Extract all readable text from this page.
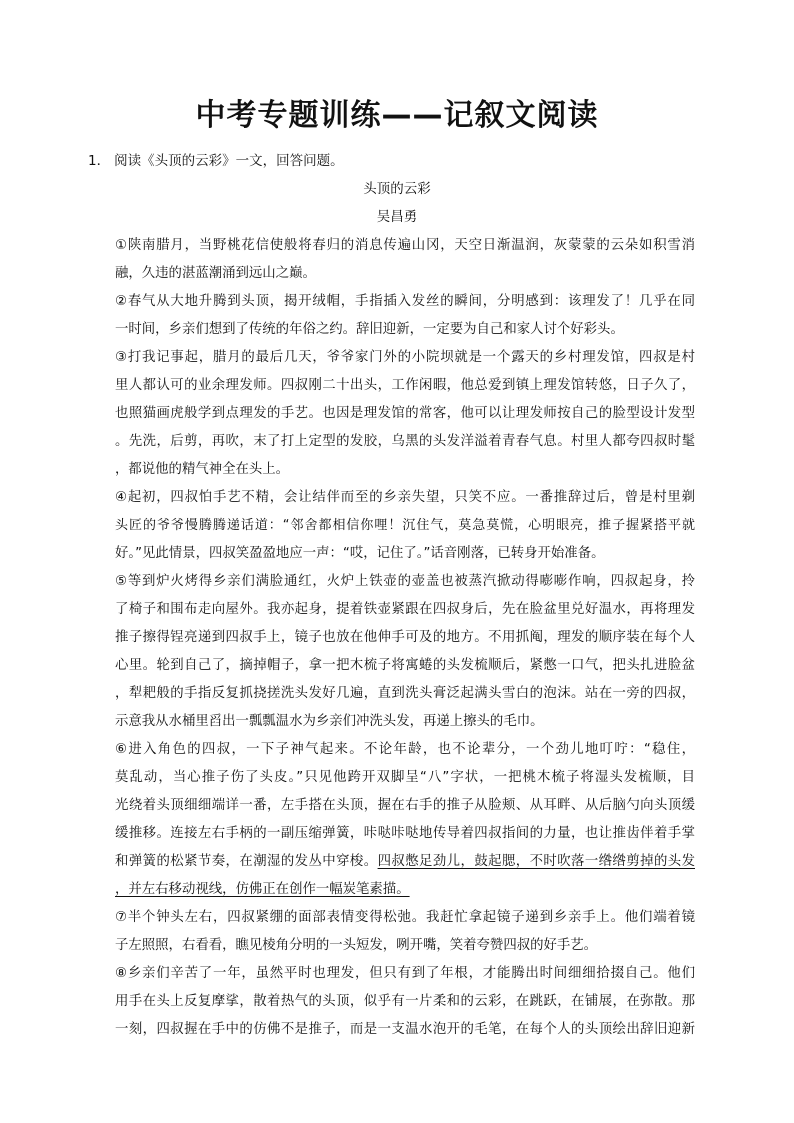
中考专题训练——记叙文阅读
1． 阅读《头顶的云彩》一文，回答问题。
头顶的云彩
吴昌勇
①陕南腊月，当野桃花信使般将春归的消息传遍山冈，天空日渐温润，灰蒙蒙的云朵如积雪消
融，久违的湛蓝潮涌到远山之巅。
②春气从大地升腾到头顶，揭开绒帽，手指插入发丝的瞬间，分明感到：该理发了！几乎在同
一时间，乡亲们想到了传统的年俗之约。辞旧迎新，一定要为自己和家人讨个好彩头。
③打我记事起，腊月的最后几天，爷爷家门外的小院坝就是一个露天的乡村理发馆，四叔是村
里人都认可的业余理发师。四叔刚二十出头，工作闲暇，他总爱到镇上理发馆转悠，日子久了，
也照猫画虎般学到点理发的手艺。也因是理发馆的常客，他可以让理发师按自己的脸型设计发型
。先洗，后剪，再吹，末了打上定型的发胶，乌黑的头发洋溢着青春气息。村里人都夸四叔时髦
，都说他的精气神全在头上。
④起初，四叔怕手艺不精，会让结伴而至的乡亲失望，只笑不应。一番推辞过后，曾是村里剃
头匠的爷爷慢腾腾递话道：“邻舍都相信你哩！沉住气，莫急莫慌，心明眼亮，推子握紧搭平就
好。”见此情景，四叔笑盈盈地应一声：“哎，记住了。”话音刚落，已转身开始准备。
⑤等到炉火烤得乡亲们满脸通红，火炉上铁壶的壶盖也被蒸汽掀动得嘭嘭作响，四叔起身，拎
了椅子和围布走向屋外。我亦起身，提着铁壶紧跟在四叔身后，先在脸盆里兑好温水，再将理发
推子擦得锃亮递到四叔手上，镜子也放在他伸手可及的地方。不用抓阄，理发的顺序装在每个人
心里。轮到自己了，摘掉帽子，拿一把木梳子将寓蜷的头发梳顺后，紧憋一口气，把头扎进脸盆
，犁耙般的手指反复抓挠搓洗头发好几遍，直到洗头膏泛起满头雪白的泡沫。站在一旁的四叔，
示意我从水桶里舀出一瓢瓢温水为乡亲们冲洗头发，再递上擦头的毛巾。
⑥进入角色的四叔，一下子神气起来。不论年龄，也不论辈分，一个劲儿地叮咛：“稳住，
莫乱动，当心推子伤了头皮。”只见他跨开双脚呈“八”字状，一把桃木梳子将湿头发梳顺，目
光绕着头顶细细端详一番，左手搭在头顶，握在右手的推子从脸颊、从耳畔、从后脑勺向头顶缓
缓推移。连接左右手柄的一副压缩弹簧，咔哒咔哒地传导着四叔指间的力量，也让推齿伴着手掌
和弹簧的松紧节奏，在潮湿的发丛中穿梭。四叔憋足劲儿，鼓起腮，不时吹落一绺绺剪掉的头发
，并左右移动视线，仿佛正在创作一幅炭笔素描。
⑦半个钟头左右，四叔紧绷的面部表情变得松弛。我赶忙拿起镜子递到乡亲手上。他们端着镜
子左照照，右看看，瞧见棱角分明的一头短发，咧开嘴，笑着夸赞四叔的好手艺。
⑧乡亲们辛苦了一年，虽然平时也理发，但只有到了年根，才能腾出时间细细拾掇自己。他们
用手在头上反复摩挲，散着热气的头顶，似乎有一片柔和的云彩，在跳跃，在铺展，在弥散。那
一刻，四叔握在手中的仿佛不是推子，而是一支温水泡开的毛笔，在每个人的头顶绘出辞旧迎新
